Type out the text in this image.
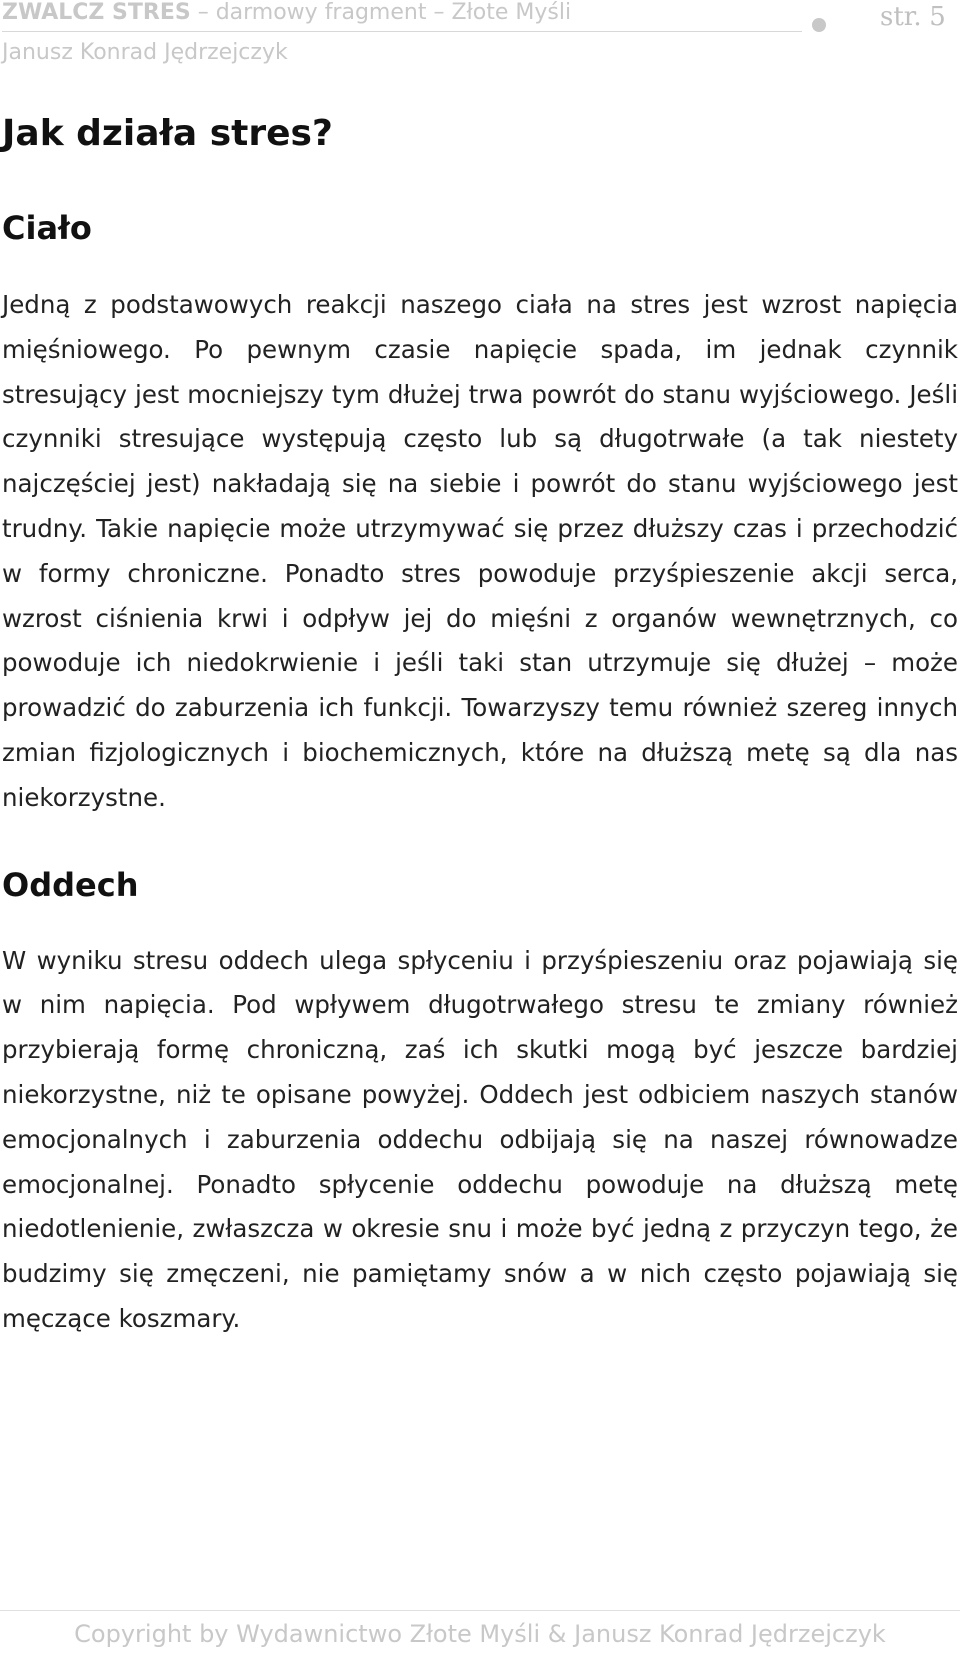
ZWALCZ STRES – darmowy fragment – Złote Myśli	str. 5
Janusz Konrad Jędrzejczyk
Jak działa stres?
Ciało

Jedną z podstawowych reakcji naszego ciała na stres jest wzrost napięcia mięśniowego. Po pewnym czasie napięcie spada, im jednak czynnik stresujący jest mocniejszy tym dłużej trwa powrót do stanu wyjściowego. Jeśli czynniki stresujące występują często lub są długotrwałe (a tak niestety najczęściej jest) nakładają się na siebie i powrót do stanu wyjściowego jest trudny. Takie napięcie może utrzymywać się przez dłuższy czas i przechodzić w formy chroniczne. Ponadto stres powoduje przyśpieszenie akcji serca, wzrost ciśnienia krwi i odpływ jej do mięśni z organów wewnętrznych, co powoduje ich niedokrwienie i jeśli taki stan utrzymuje się dłużej – może prowadzić do zaburzenia ich funkcji. Towarzyszy temu również szereg innych zmian fizjologicznych i biochemicznych, które na dłuższą metę są dla nas niekorzystne.

Oddech

W wyniku stresu oddech ulega spłyceniu i przyśpieszeniu oraz pojawiają się w nim napięcia. Pod wpływem długotrwałego stresu te zmiany również przybierają formę chroniczną, zaś ich skutki mogą być jeszcze bardziej niekorzystne, niż te opisane powyżej. Oddech jest odbiciem naszych stanów emocjonalnych i zaburzenia oddechu odbijają się na naszej równowadze emocjonalnej. Ponadto spłycenie oddechu powoduje na dłuższą metę niedotlenienie, zwłaszcza w okresie snu i może być jedną z przyczyn tego, że budzimy się zmęczeni, nie pamiętamy snów a w nich często pojawiają się męczące koszmary.

Copyright by Wydawnictwo Złote Myśli & Janusz Konrad Jędrzejczyk
